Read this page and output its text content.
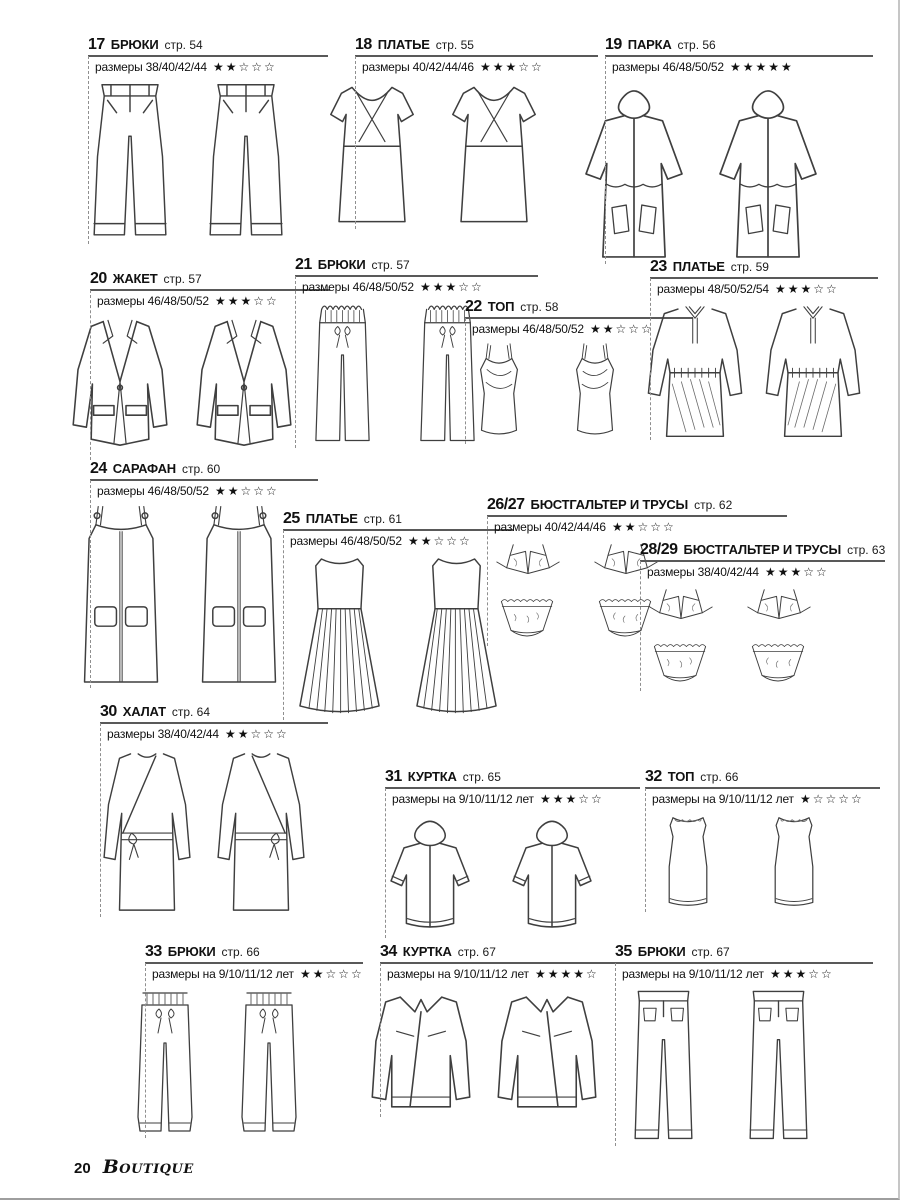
17 БРЮКИ стр. 54
размеры 38/40/42/44 ★★☆☆☆
18 ПЛАТЬЕ стр. 55
размеры 40/42/44/46 ★★★☆☆
19 ПАРКА стр. 56
размеры 46/48/50/52 ★★★★★
20 ЖАКЕТ стр. 57
размеры 46/48/50/52 ★★★☆☆
21 БРЮКИ стр. 57
размеры 46/48/50/52 ★★★☆☆
22 ТОП стр. 58
размеры 46/48/50/52 ★★☆☆☆
23 ПЛАТЬЕ стр. 59
размеры 48/50/52/54 ★★★☆☆
24 САРАФАН стр. 60
размеры 46/48/50/52 ★★☆☆☆
25 ПЛАТЬЕ стр. 61
размеры 46/48/50/52 ★★☆☆☆
26/27 БЮСТГАЛЬТЕР И ТРУСЫ стр. 62
размеры 40/42/44/46 ★★☆☆☆
28/29 БЮСТГАЛЬТЕР И ТРУСЫ стр. 63
размеры 38/40/42/44 ★★★☆☆
30 ХАЛАТ стр. 64
размеры 38/40/42/44 ★★☆☆☆
31 КУРТКА стр. 65
размеры на 9/10/11/12 лет ★★★☆☆
32 ТОП стр. 66
размеры на 9/10/11/12 лет ★☆☆☆☆
33 БРЮКИ стр. 66
размеры на 9/10/11/12 лет ★★☆☆☆
34 КУРТКА стр. 67
размеры на 9/10/11/12 лет ★★★★☆
35 БРЮКИ стр. 67
размеры на 9/10/11/12 лет ★★★☆☆
20 Boutique
